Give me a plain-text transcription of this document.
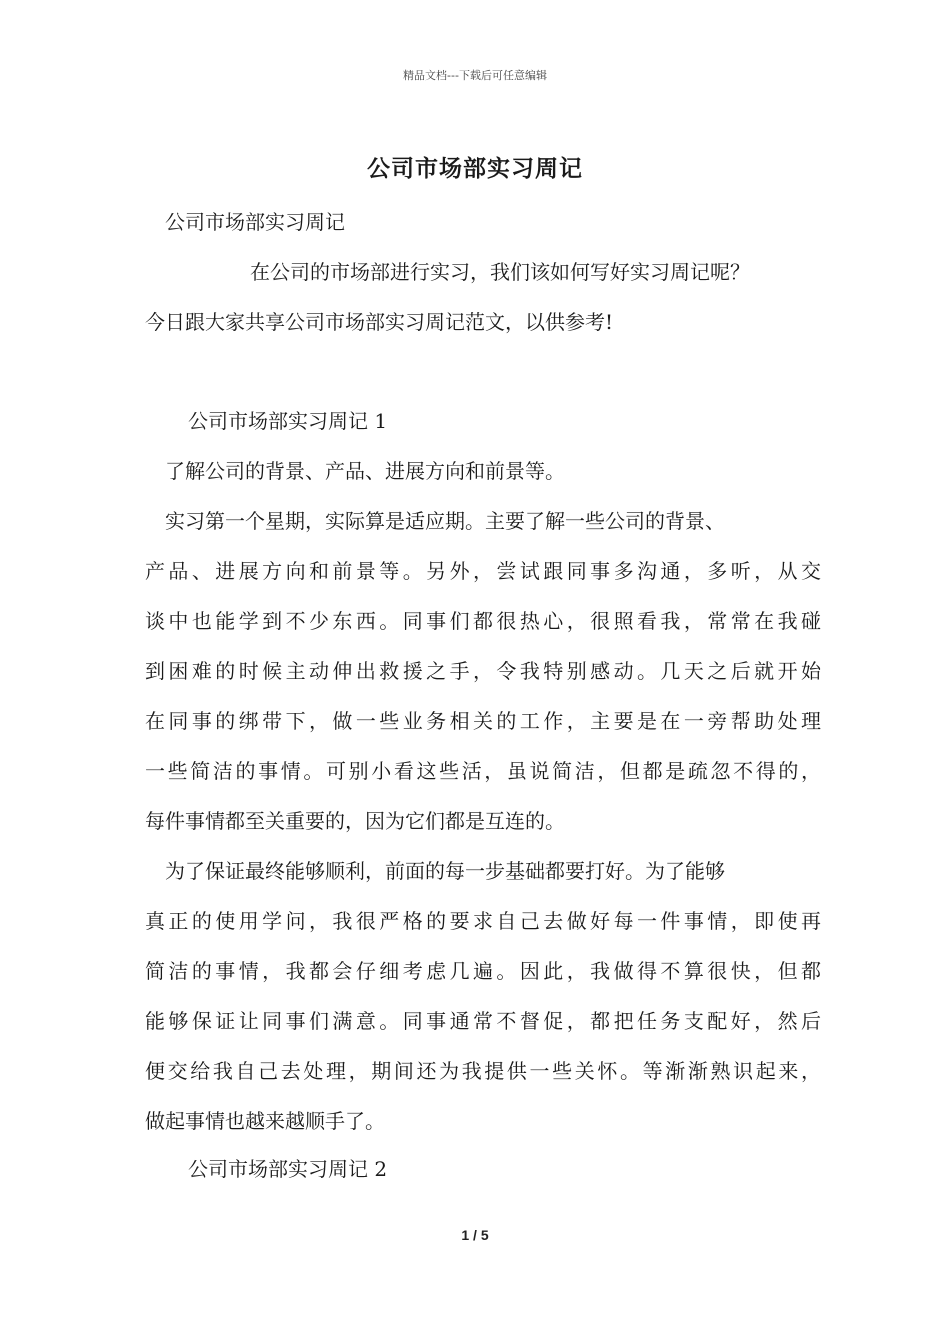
精品文档---下载后可任意编辑
公司市场部实习周记
公司市场部实习周记
在公司的市场部进行实习，我们该如何写好实习周记呢？
今日跟大家共享公司市场部实习周记范文，以供参考!
公司市场部实习周记 1
了解公司的背景、产品、进展方向和前景等。
实习第一个星期，实际算是适应期。主要了解一些公司的背景、
产品、进展方向和前景等。另外，尝试跟同事多沟通，多听，从交
谈中也能学到不少东西。同事们都很热心，很照看我，常常在我碰
到困难的时候主动伸出救援之手，令我特别感动。几天之后就开始
在同事的绑带下，做一些业务相关的工作，主要是在一旁帮助处理
一些简洁的事情。可别小看这些活，虽说简洁，但都是疏忽不得的，
每件事情都至关重要的，因为它们都是互连的。
为了保证最终能够顺利，前面的每一步基础都要打好。为了能够
真正的使用学问，我很严格的要求自己去做好每一件事情，即使再
简洁的事情，我都会仔细考虑几遍。因此，我做得不算很快，但都
能够保证让同事们满意。同事通常不督促，都把任务支配好，然后
便交给我自己去处理，期间还为我提供一些关怀。等渐渐熟识起来，
做起事情也越来越顺手了。
公司市场部实习周记 2
1 / 5
